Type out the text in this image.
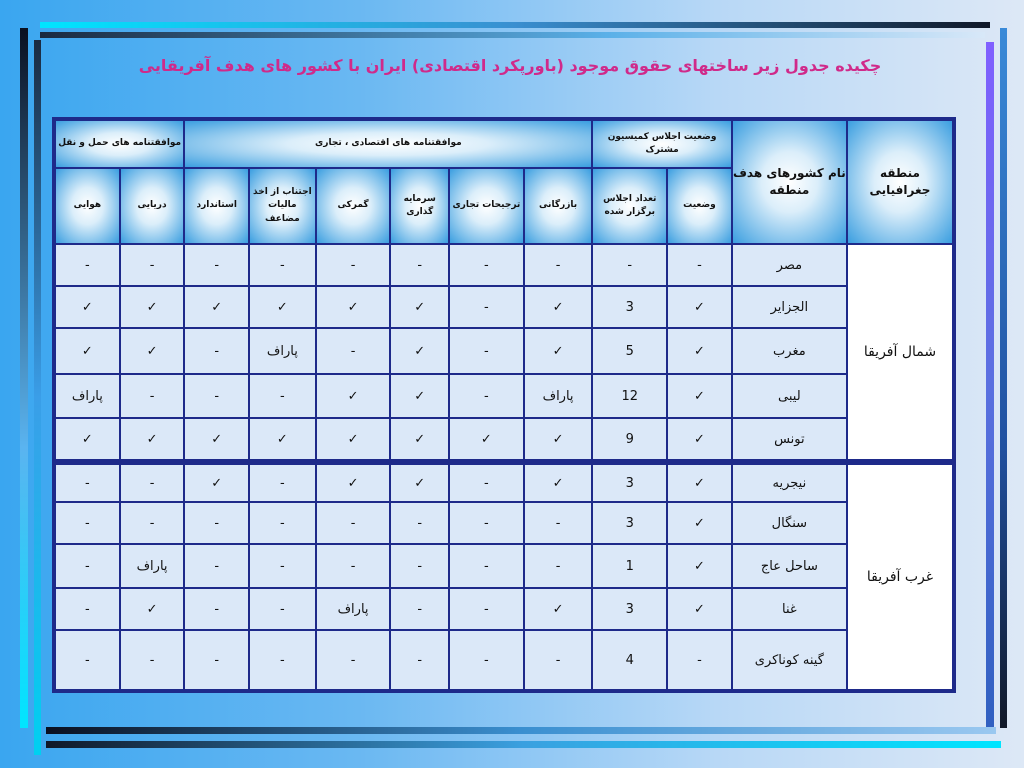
چکیده جدول زیر ساختهای حقوق موجود (باورپکرد اقتصادی) ایران با کشور های هدف آفریقایی
منطقه جغرافیایی	نام کشورهای هدف منطقه	وضعیت اجلاس کمیسیون مشترک		موافقتنامه های اقتصادی ، تجاری						موافقتنامه های حمل و نقل	
		وضعیت	تعداد اجلاس برگزار شده	بازرگانی	ترجیحات تجاری	سرمایه گذاری	گمرکی	اجتناب از اخذ مالیات مضاعف	استاندارد	دریایی	هوایی
شمال آفریقا	مصر	-	-	-	-	-	-	-	-	-	-
	الجزایر	✓	3	✓	-	✓	✓	✓	✓	✓	✓
	مغرب	✓	5	✓	-	✓	-	پاراف	-	✓	✓
	لیبی	✓	12	پاراف	-	✓	✓	-	-	-	پاراف
	تونس	✓	9	✓	✓	✓	✓	✓	✓	✓	✓
غرب آفریقا	نیجریه	✓	3	✓	-	✓	✓	-	✓	-	-
	سنگال	✓	3	-	-	-	-	-	-	-	-
	ساحل عاج	✓	1	-	-	-	-	-	-	پاراف	-
	غنا	✓	3	✓	-	-	پاراف	-	-	✓	-
	گینه کوناکری	-	4	-	-	-	-	-	-	-	-
